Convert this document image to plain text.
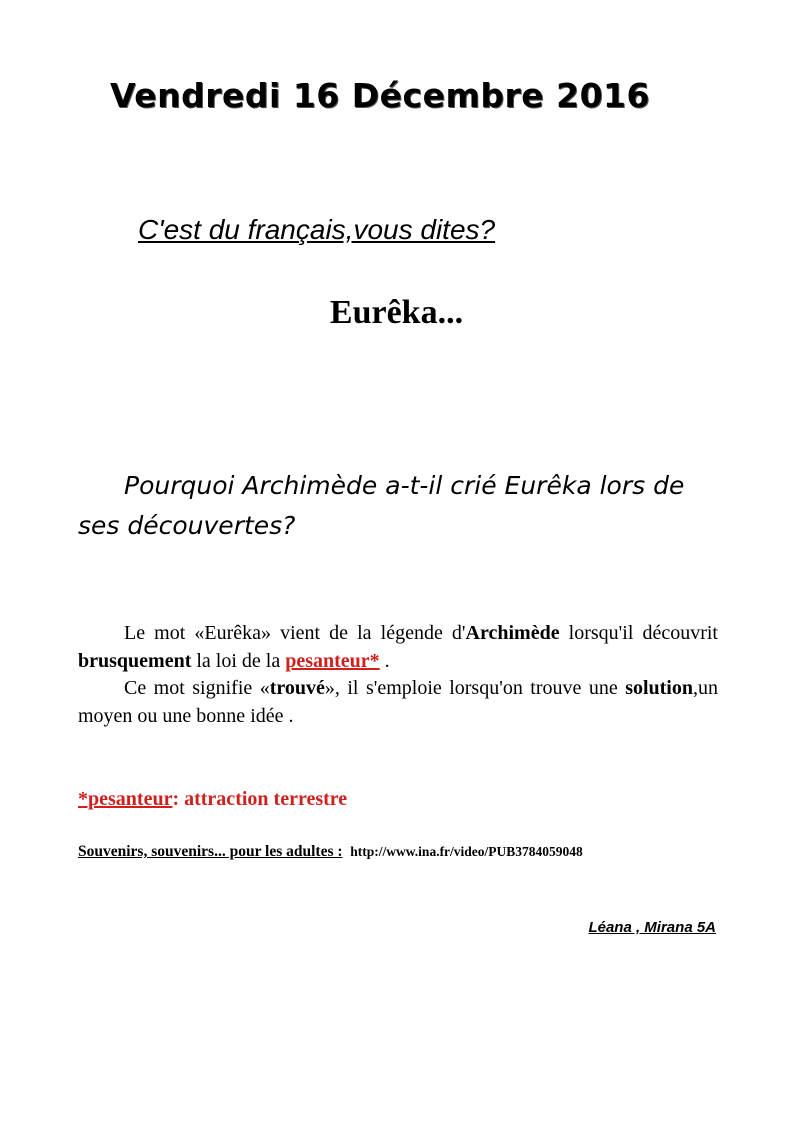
Vendredi 16 Décembre 2016
C'est du français,vous dites?
Eurêka...

Pourquoi Archimède a-t-il crié Eurêka lors de ses découvertes?

Le mot «Eurêka» vient de la légende d'Archimède lorsqu'il découvrit brusquement la loi de la pesanteur* .

Ce mot signifie «trouvé», il s'emploie lorsqu'on trouve une solution,un moyen ou une bonne idée .

*pesanteur: attraction terrestre
Souvenirs, souvenirs... pour les adultes : http://www.ina.fr/video/PUB3784059048
Léana , Mirana 5A
